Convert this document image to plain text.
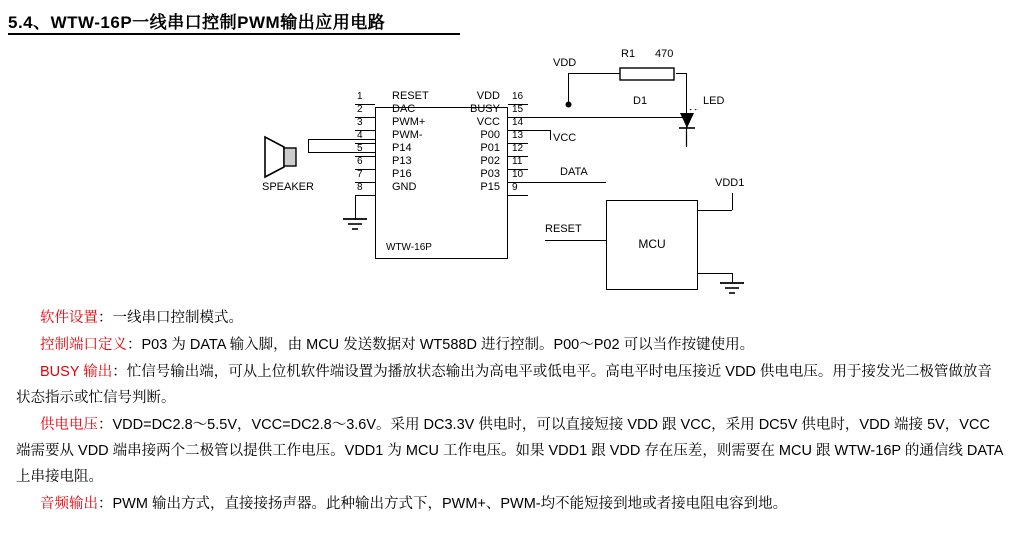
5.4、WTW-16P一线串口控制PWM输出应用电路
SPEAKER
WTW-16P
1
2
3
4
5
6
7
8
RESET
DAC
PWM+
PWM-
P14
P13
P16
GND
16
15
14
13
12
11
10
9
VDD
BUSY
VCC
P00
P01
P02
P03
P15
VDD
R1 470
D1	LED
VCC
DATA
MCU
RESET
VDD1

软件设置：一线串口控制模式。

控制端口定义：P03 为 DATA 输入脚，由 MCU 发送数据对 WT588D 进行控制。P00～P02 可以当作按键使用。

BUSY 输出：忙信号输出端，可从上位机软件端设置为播放状态输出为高电平或低电平。高电平时电压接近 VDD 供电电压。用于接发光二极管做放音状态指示或忙信号判断。

供电电压：VDD=DC2.8～5.5V，VCC=DC2.8～3.6V。采用 DC3.3V 供电时，可以直接短接 VDD 跟 VCC，采用 DC5V 供电时，VDD 端接 5V，VCC 端需要从 VDD 端串接两个二极管以提供工作电压。VDD1 为 MCU 工作电压。如果 VDD1 跟 VDD 存在压差，则需要在 MCU 跟 WTW-16P 的通信线 DATA 上串接电阻。

音频输出：PWM 输出方式，直接接扬声器。此种输出方式下，PWM+、PWM-均不能短接到地或者接电阻电容到地。
